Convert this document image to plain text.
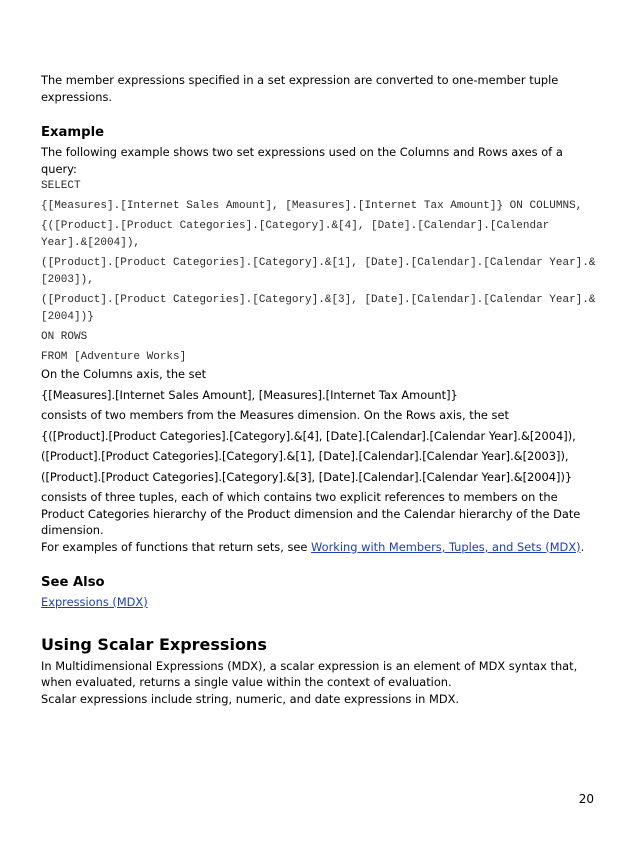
The member expressions specified in a set expression are converted to one-member tuple expressions.

Example

The following example shows two set expressions used on the Columns and Rows axes of a query:

SELECT

{[Measures].[Internet Sales Amount], [Measures].[Internet Tax Amount]} ON COLUMNS,

{([Product].[Product Categories].[Category].&[4], [Date].[Calendar].[Calendar Year].&[2004]),

([Product].[Product Categories].[Category].&[1], [Date].[Calendar].[Calendar Year].&[2003]),

([Product].[Product Categories].[Category].&[3], [Date].[Calendar].[Calendar Year].&[2004])}

ON ROWS

FROM [Adventure Works]

On the Columns axis, the set

{[Measures].[Internet Sales Amount], [Measures].[Internet Tax Amount]}

consists of two members from the Measures dimension. On the Rows axis, the set

{([Product].[Product Categories].[Category].&[4], [Date].[Calendar].[Calendar Year].&[2004]),

([Product].[Product Categories].[Category].&[1], [Date].[Calendar].[Calendar Year].&[2003]),

([Product].[Product Categories].[Category].&[3], [Date].[Calendar].[Calendar Year].&[2004])}

consists of three tuples, each of which contains two explicit references to members on the Product Categories hierarchy of the Product dimension and the Calendar hierarchy of the Date dimension.

For examples of functions that return sets, see Working with Members, Tuples, and Sets (MDX).

See Also

Expressions (MDX)

Using Scalar Expressions

In Multidimensional Expressions (MDX), a scalar expression is an element of MDX syntax that, when evaluated, returns a single value within the context of evaluation.

Scalar expressions include string, numeric, and date expressions in MDX.

20
